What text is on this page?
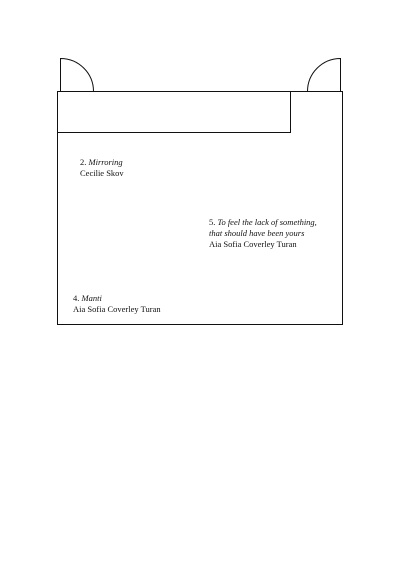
2. Mirroring
Cecilie Skov
5. To feel the lack of something,
that should have been yours
Aia Sofia Coverley Turan
4. Manti
Aia Sofia Coverley Turan
